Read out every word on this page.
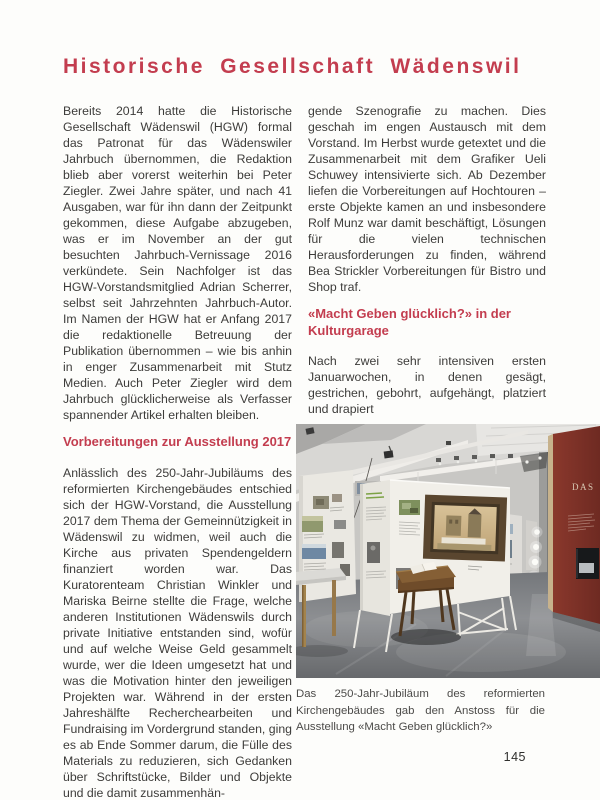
Historische Gesellschaft Wädenswil

Bereits 2014 hatte die Historische Gesellschaft Wädenswil (HGW) formal das Patronat für das Wädenswiler Jahrbuch übernommen, die Redaktion blieb aber vorerst weiterhin bei Peter Ziegler. Zwei Jahre später, und nach 41 Ausgaben, war für ihn dann der Zeitpunkt gekommen, diese Aufgabe abzugeben, was er im November an der gut besuchten Jahrbuch-Vernissage 2016 verkündete. Sein Nachfolger ist das HGW-Vorstandsmitglied Adrian Scherrer, selbst seit Jahrzehnten Jahrbuch-Autor. Im Namen der HGW hat er Anfang 2017 die redaktionelle Betreuung der Publikation übernommen – wie bis anhin in enger Zusammenarbeit mit Stutz Medien. Auch Peter Ziegler wird dem Jahrbuch glücklicherweise als Verfasser spannender Artikel erhalten bleiben.

Vorbereitungen zur Ausstellung 2017

Anlässlich des 250-Jahr-Jubiläums des reformierten Kirchengebäudes entschied sich der HGW-Vorstand, die Ausstellung 2017 dem Thema der Gemeinnützigkeit in Wädenswil zu widmen, weil auch die Kirche aus privaten Spendengeldern finanziert worden war. Das Kuratorenteam Christian Winkler und Mariska Beirne stellte die Frage, welche anderen Institutionen Wädenswils durch private Initiative entstanden sind, wofür und auf welche Weise Geld gesammelt wurde, wer die Ideen umgesetzt hat und was die Motivation hinter den jeweiligen Projekten war. Während in der ersten Jahreshälfte Recherchearbeiten und Fundraising im Vordergrund standen, ging es ab Ende Sommer darum, die Fülle des Materials zu reduzieren, sich Gedanken über Schriftstücke, Bilder und Objekte und die damit zusammenhän-

gende Szenografie zu machen. Dies geschah im engen Austausch mit dem Vorstand. Im Herbst wurde getextet und die Zusammenarbeit mit dem Grafiker Ueli Schuwey intensivierte sich. Ab Dezember liefen die Vorbereitungen auf Hochtouren – erste Objekte kamen an und insbesondere Rolf Munz war damit beschäftigt, Lösungen für die vielen technischen Herausforderungen zu finden, während Bea Strickler Vorbereitungen für Bistro und Shop traf.

«Macht Geben glücklich?» in der Kulturgarage

Nach zwei sehr intensiven ersten Januarwochen, in denen gesägt, gestrichen, gebohrt, aufgehängt, platziert und drapiert

DAS
Das 250-Jahr-Jubiläum des reformierten Kirchengebäudes gab den Anstoss für die Ausstellung «Macht Geben glücklich?»
145
